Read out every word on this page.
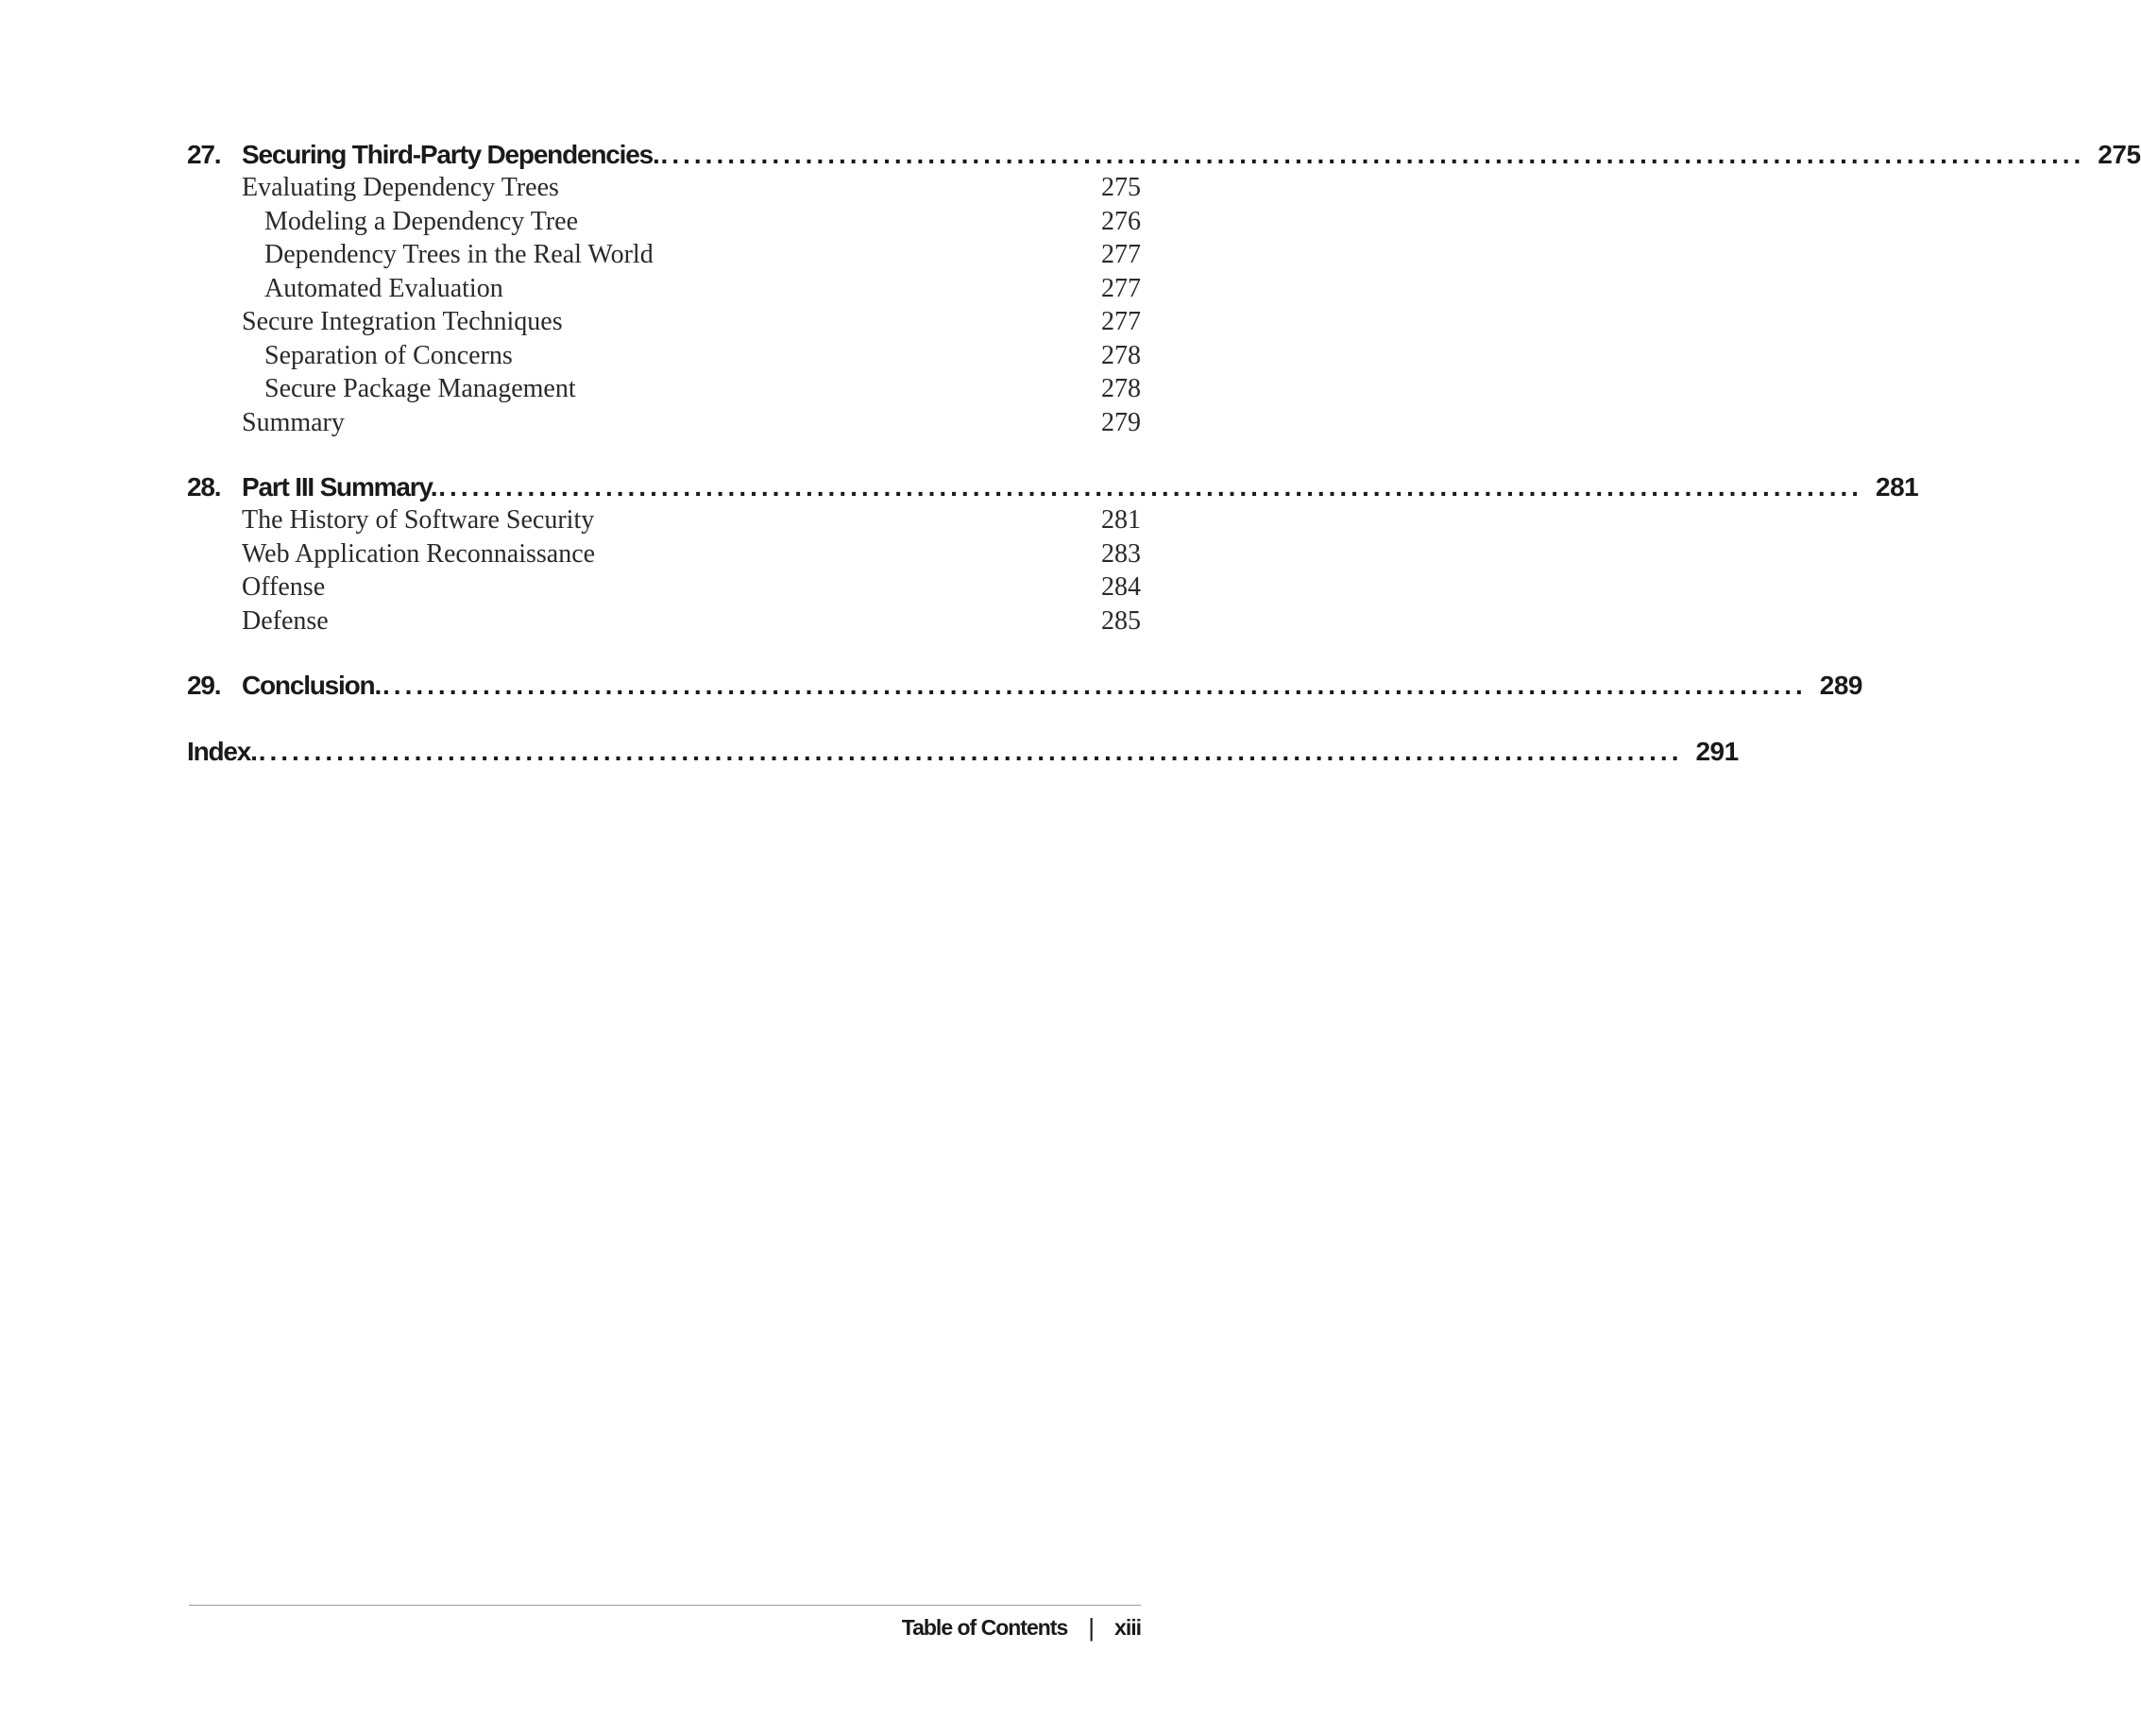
27. Securing Third-Party Dependencies. ................................................................................................................................ 275
Evaluating Dependency Trees	275
Modeling a Dependency Tree	276
Dependency Trees in the Real World	277
Automated Evaluation	277
Secure Integration Techniques	277
Separation of Concerns	278
Secure Package Management	278
Summary	279
28. Part III Summary. ................................................................................................................................ 281
The History of Software Security	281
Web Application Reconnaissance	283
Offense	284
Defense	285
29. Conclusion. ................................................................................................................................ 289
Index. ................................................................................................................................ 291
Table of Contents | xiii
